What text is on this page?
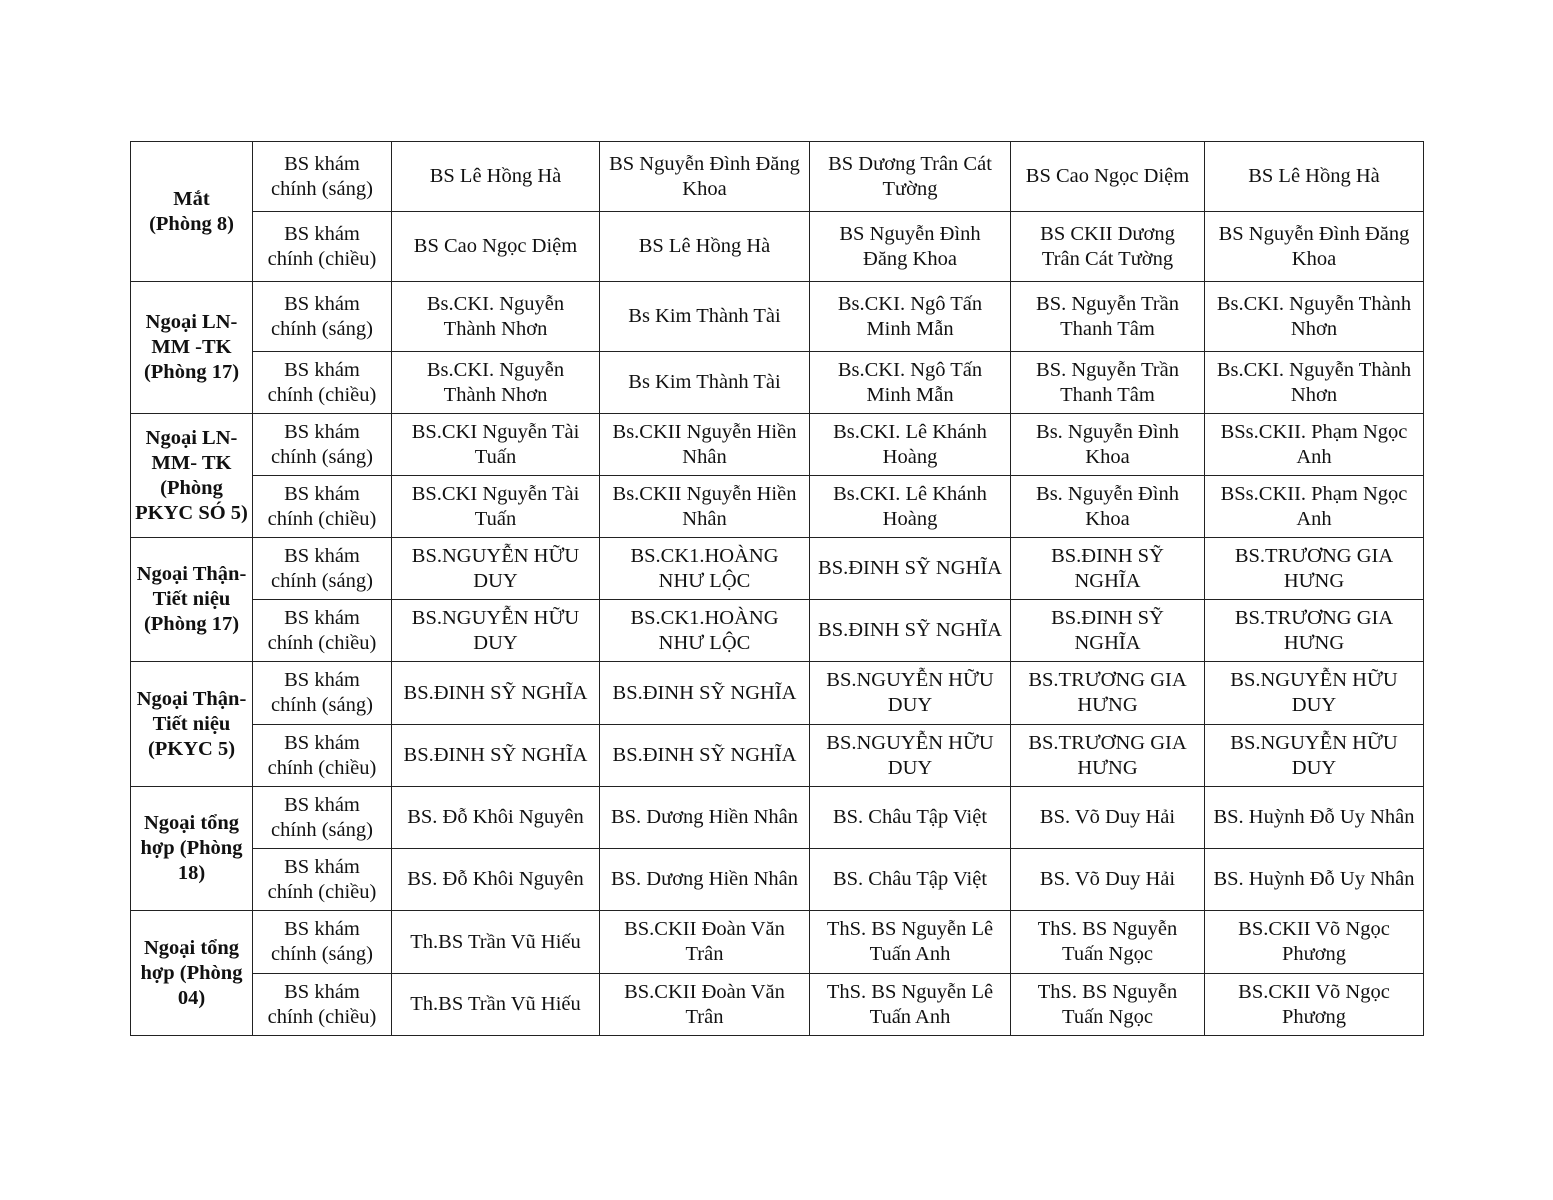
Mắt
(Phòng 8)	BS khám chính (sáng)	BS Lê Hồng Hà	BS Nguyễn Đình Đăng Khoa	BS Dương Trân Cát Tường	BS Cao Ngọc Diệm	BS Lê Hồng Hà
	BS khám chính (chiều)	BS Cao Ngọc Diệm	BS Lê Hồng Hà	BS Nguyễn Đình Đăng Khoa	BS CKII Dương Trân Cát Tường	BS Nguyễn Đình Đăng Khoa

Ngoại LN-MM -TK (Phòng 17)	BS khám chính (sáng)	Bs.CKI. Nguyễn Thành Nhơn	Bs Kim Thành Tài	Bs.CKI. Ngô Tấn Minh Mẫn	BS. Nguyễn Trần Thanh Tâm	Bs.CKI. Nguyễn Thành Nhơn
	BS khám chính (chiều)	Bs.CKI. Nguyễn Thành Nhơn	Bs Kim Thành Tài	Bs.CKI. Ngô Tấn Minh Mẫn	BS. Nguyễn Trần Thanh Tâm	Bs.CKI. Nguyễn Thành Nhơn

Ngoại LN-MM- TK (Phòng PKYC SÓ 5)	BS khám chính (sáng)	BS.CKI Nguyễn Tài Tuấn	Bs.CKII Nguyễn Hiền Nhân	Bs.CKI. Lê Khánh Hoàng	Bs. Nguyễn Đình Khoa	BSs.CKII. Phạm Ngọc Anh
	BS khám chính (chiều)	BS.CKI Nguyễn Tài Tuấn	Bs.CKII Nguyễn Hiền Nhân	Bs.CKI. Lê Khánh Hoàng	Bs. Nguyễn Đình Khoa	BSs.CKII. Phạm Ngọc Anh

Ngoại Thận-Tiết niệu (Phòng 17)	BS khám chính (sáng)	BS.NGUYỄN HỮU DUY	BS.CK1.HOÀNG NHƯ LỘC	BS.ĐINH SỸ NGHĨA	BS.ĐINH SỸ NGHĨA	BS.TRƯƠNG GIA HƯNG
	BS khám chính (chiều)	BS.NGUYỄN HỮU DUY	BS.CK1.HOÀNG NHƯ LỘC	BS.ĐINH SỸ NGHĨA	BS.ĐINH SỸ NGHĨA	BS.TRƯƠNG GIA HƯNG

Ngoại Thận-Tiết niệu (PKYC 5)	BS khám chính (sáng)	BS.ĐINH SỸ NGHĨA	BS.ĐINH SỸ NGHĨA	BS.NGUYỄN HỮU DUY	BS.TRƯƠNG GIA HƯNG	BS.NGUYỄN HỮU DUY
	BS khám chính (chiều)	BS.ĐINH SỸ NGHĨA	BS.ĐINH SỸ NGHĨA	BS.NGUYỄN HỮU DUY	BS.TRƯƠNG GIA HƯNG	BS.NGUYỄN HỮU DUY

Ngoại tổng hợp (Phòng 18)	BS khám chính (sáng)	BS. Đỗ Khôi Nguyên	BS. Dương Hiền Nhân	BS. Châu Tập Việt	BS. Võ Duy Hải	BS. Huỳnh Đỗ Uy Nhân
	BS khám chính (chiều)	BS. Đỗ Khôi Nguyên	BS. Dương Hiền Nhân	BS. Châu Tập Việt	BS. Võ Duy Hải	BS. Huỳnh Đỗ Uy Nhân

Ngoại tổng hợp (Phòng 04)	BS khám chính (sáng)	Th.BS Trần Vũ Hiếu	BS.CKII Đoàn Văn Trân	ThS. BS Nguyễn Lê Tuấn Anh	ThS. BS Nguyễn Tuấn Ngọc	BS.CKII Võ Ngọc Phương
	BS khám chính (chiều)	Th.BS Trần Vũ Hiếu	BS.CKII Đoàn Văn Trân	ThS. BS Nguyễn Lê Tuấn Anh	ThS. BS Nguyễn Tuấn Ngọc	BS.CKII Võ Ngọc Phương
